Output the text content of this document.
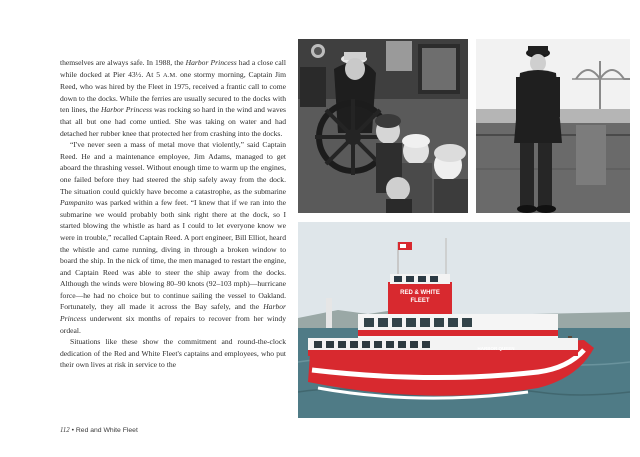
themselves are always safe. In 1988, the Harbor Princess had a close call while docked at Pier 43½. At 5 A.M. one stormy morning, Captain Jim Reed, who was hired by the Fleet in 1975, received a frantic call to come down to the docks. While the ferries are usually secured to the docks with ten lines, the Harbor Princess was rocking so hard in the wind and waves that all but one had come untied. She was taking on water and had detached her rubber knee that protected her from crashing into the docks.

“I've never seen a mass of metal move that violently,” said Captain Reed. He and a maintenance employee, Jim Adams, managed to get aboard the thrashing vessel. Without enough time to warm up the engines, one failed before they had steered the ship safely away from the dock. The situation could quickly have become a catastrophe, as the submarine Pampanito was parked within a few feet. “I knew that if we ran into the submarine we would probably both sink right there at the dock, so I started blowing the whistle as hard as I could to let everyone know we were in trouble,” recalled Captain Reed. A port engineer, Bill Elliot, heard the whistle and came running, diving in through a broken window to board the ship. In the nick of time, the men managed to restart the engine, and Captain Reed was able to steer the ship away from the docks. Although the winds were blowing 80–90 knots (92–103 mph)—hurricane force—he had no choice but to continue sailing the vessel to Oakland. Fortunately, they all made it across the Bay safely, and the Harbor Princess underwent six months of repairs to recover from her windy ordeal.

Situations like these show the commitment and round-the-clock dedication of the Red and White Fleet's captains and employees, who put their own lives at risk in service to the

112 • Red and White Fleet
RED & WHITE
FLEET
HARBOR QUEEN
